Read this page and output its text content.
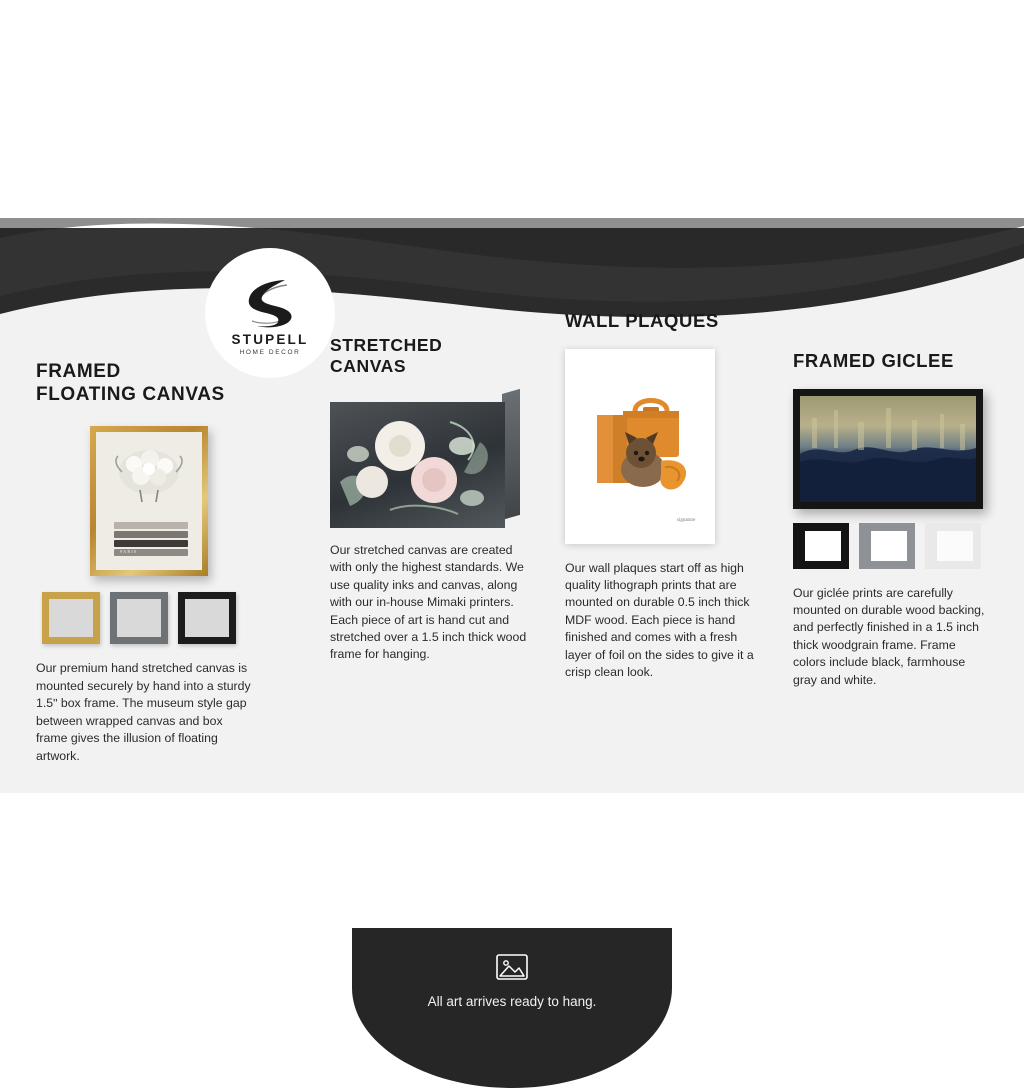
All art arrives ready to hang.
STUPELL
HOME DECOR
FRAMED
FLOATING CANVAS
PARIS

Our premium hand stretched canvas is mounted securely by hand into a sturdy 1.5ʺ box frame. The museum style gap between wrapped canvas and box frame gives the illusion of floating artwork.

STRETCHED
CANVAS

Our stretched canvas are created with only the highest standards. We use quality inks and canvas, along with our in-house Mimaki printers. Each piece of art is hand cut and stretched over a 1.5 inch thick wood frame for hanging.

WALL PLAQUES
signature

Our wall plaques start off as high quality lithograph prints that are mounted on durable 0.5 inch thick MDF wood. Each piece is hand finished and comes with a fresh layer of foil on the sides to give it a crisp clean look.

FRAMED GICLEE

Our giclée prints are carefully mounted on durable wood backing, and perfectly finished in a 1.5 inch thick woodgrain frame. Frame colors include black, farmhouse gray and white.
